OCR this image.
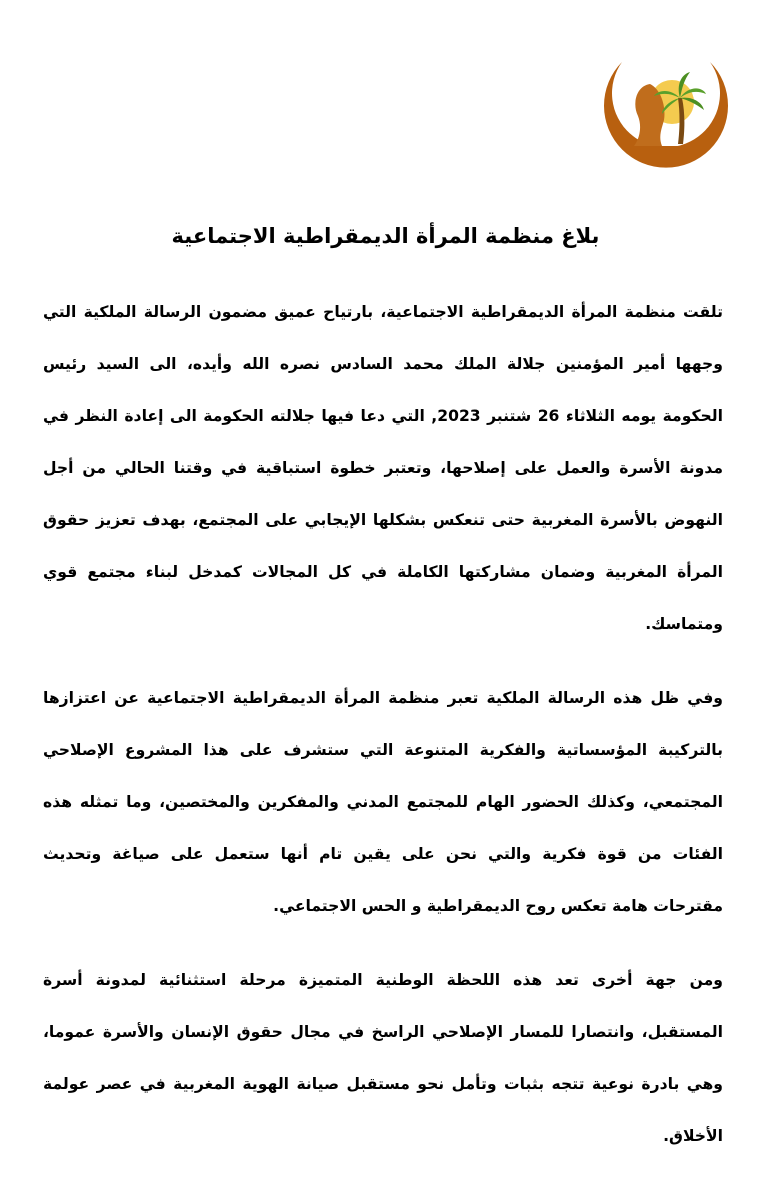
بلاغ منظمة المرأة الديمقراطية الاجتماعية

تلقت منظمة المرأة الديمقراطية الاجتماعية، بارتياح عميق مضمون الرسالة الملكية التي وجهها أمير المؤمنين جلالة الملك محمد السادس نصره الله وأيده، الى السيد رئيس الحكومة يومه الثلاثاء 26 شتنبر 2023, التي دعا فيها جلالته الحكومة الى إعادة النظر في مدونة الأسرة والعمل على إصلاحها، وتعتبر خطوة استباقية في وقتنا الحالي من أجل النهوض بالأسرة المغربية حتى تنعكس بشكلها الإيجابي على المجتمع، بهدف تعزيز حقوق المرأة المغربية وضمان مشاركتها الكاملة في كل المجالات كمدخل لبناء مجتمع قوي ومتماسك.

وفي ظل هذه الرسالة الملكية تعبر منظمة المرأة الديمقراطية الاجتماعية عن اعتزازها بالتركيبة المؤسساتية والفكرية المتنوعة التي ستشرف على هذا المشروع الإصلاحي المجتمعي، وكذلك الحضور الهام للمجتمع المدني والمفكرين والمختصين، وما تمثله هذه الفئات من قوة فكرية والتي نحن على يقين تام أنها ستعمل على صياغة وتحديث مقترحات هامة تعكس روح الديمقراطية و الحس الاجتماعي.

ومن جهة أخرى تعد هذه اللحظة الوطنية المتميزة مرحلة استثنائية لمدونة أسرة المستقبل، وانتصارا للمسار الإصلاحي الراسخ في مجال حقوق الإنسان والأسرة عموما، وهي بادرة نوعية تتجه بثبات وتأمل نحو مستقبل صيانة الهوية المغربية في عصر عولمة الأخلاق.
